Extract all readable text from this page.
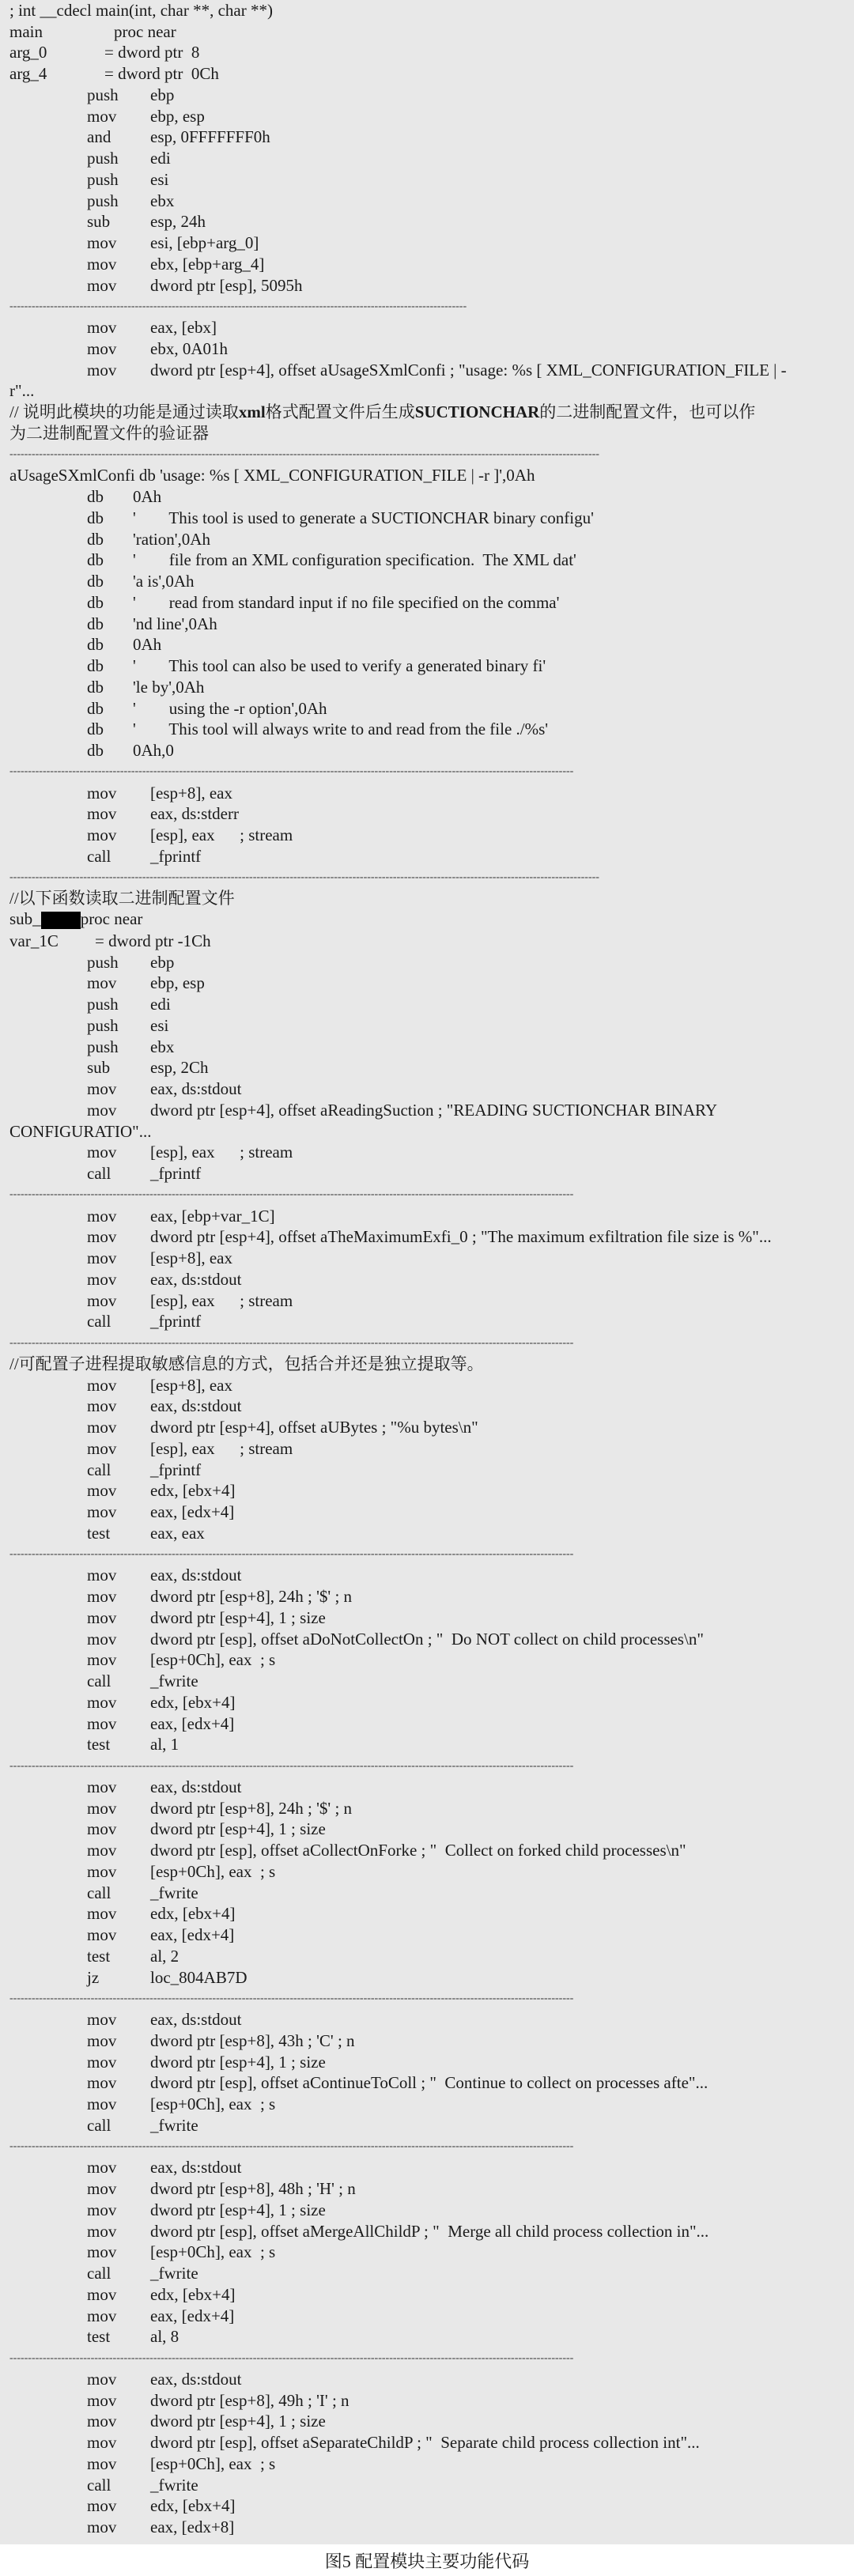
; int __cdecl main(int, char **, char **)
main	proc near
arg_0	= dword ptr  8
arg_4	= dword ptr  0Ch
push	ebp
mov	ebp, esp
and	esp, 0FFFFFFF0h
push	edi
push	esi
push	ebx
sub	esp, 24h
mov	esi, [ebp+arg_0]
mov	ebx, [ebp+arg_4]
mov	dword ptr [esp], 5095h
----------------------------------------------------------------------------------------------------------------------------
mov	eax, [ebx]
mov	ebx, 0A01h
mov	dword ptr [esp+4], offset aUsageSXmlConfi ; "usage: %s [ XML_CONFIGURATION_FILE | -
r"...
// 说明此模块的功能是通过读取xml格式配置文件后生成SUCTIONCHAR的二进制配置文件，也可以作
为二进制配置文件的验证器
----------------------------------------------------------------------------------------------------------------------------------------------------------------
aUsageSXmlConfi db 'usage: %s [ XML_CONFIGURATION_FILE | -r ]',0Ah
db 0Ah
db '        This tool is used to generate a SUCTIONCHAR binary configu'
db 'ration',0Ah
db '        file from an XML configuration specification.  The XML dat'
db 'a is',0Ah
db '        read from standard input if no file specified on the comma'
db 'nd line',0Ah
db 0Ah
db '        This tool can also be used to verify a generated binary fi'
db 'le by',0Ah
db '        using the -r option',0Ah
db '        This tool will always write to and read from the file ./%s'
db 0Ah,0
---------------------------------------------------------------------------------------------------------------------------------------------------------
mov	[esp+8], eax
mov	eax, ds:stderr
mov	[esp], eax      ; stream
call	_fprintf
----------------------------------------------------------------------------------------------------------------------------------------------------------------
//以下函数读取二进制配置文件
sub_ proc near
var_1C	= dword ptr -1Ch
push	ebp
mov	ebp, esp
push	edi
push	esi
push	ebx
sub	esp, 2Ch
mov	eax, ds:stdout
mov	dword ptr [esp+4], offset aReadingSuction ; "READING SUCTIONCHAR BINARY
CONFIGURATIO"...
mov	[esp], eax      ; stream
call	_fprintf
---------------------------------------------------------------------------------------------------------------------------------------------------------
mov	eax, [ebp+var_1C]
mov	dword ptr [esp+4], offset aTheMaximumExfi_0 ; "The maximum exfiltration file size is %"...
mov	[esp+8], eax
mov	eax, ds:stdout
mov	[esp], eax      ; stream
call	_fprintf
---------------------------------------------------------------------------------------------------------------------------------------------------------
//可配置子进程提取敏感信息的方式，包括合并还是独立提取等。
mov	[esp+8], eax
mov	eax, ds:stdout
mov	dword ptr [esp+4], offset aUBytes ; "%u bytes\n"
mov	[esp], eax      ; stream
call	_fprintf
mov	edx, [ebx+4]
mov	eax, [edx+4]
test	eax, eax
---------------------------------------------------------------------------------------------------------------------------------------------------------
mov	eax, ds:stdout
mov	dword ptr [esp+8], 24h ; '$' ; n
mov	dword ptr [esp+4], 1 ; size
mov	dword ptr [esp], offset aDoNotCollectOn ; "  Do NOT collect on child processes\n"
mov	[esp+0Ch], eax  ; s
call	_fwrite
mov	edx, [ebx+4]
mov	eax, [edx+4]
test	al, 1
---------------------------------------------------------------------------------------------------------------------------------------------------------
mov	eax, ds:stdout
mov	dword ptr [esp+8], 24h ; '$' ; n
mov	dword ptr [esp+4], 1 ; size
mov	dword ptr [esp], offset aCollectOnForke ; "  Collect on forked child processes\n"
mov	[esp+0Ch], eax  ; s
call	_fwrite
mov	edx, [ebx+4]
mov	eax, [edx+4]
test	al, 2
jz	loc_804AB7D
---------------------------------------------------------------------------------------------------------------------------------------------------------
mov	eax, ds:stdout
mov	dword ptr [esp+8], 43h ; 'C' ; n
mov	dword ptr [esp+4], 1 ; size
mov	dword ptr [esp], offset aContinueToColl ; "  Continue to collect on processes afte"...
mov	[esp+0Ch], eax  ; s
call	_fwrite
---------------------------------------------------------------------------------------------------------------------------------------------------------
mov	eax, ds:stdout
mov	dword ptr [esp+8], 48h ; 'H' ; n
mov	dword ptr [esp+4], 1 ; size
mov	dword ptr [esp], offset aMergeAllChildP ; "  Merge all child process collection in"...
mov	[esp+0Ch], eax  ; s
call	_fwrite
mov	edx, [ebx+4]
mov	eax, [edx+4]
test	al, 8
---------------------------------------------------------------------------------------------------------------------------------------------------------
mov	eax, ds:stdout
mov	dword ptr [esp+8], 49h ; 'I' ; n
mov	dword ptr [esp+4], 1 ; size
mov	dword ptr [esp], offset aSeparateChildP ; "  Separate child process collection int"...
mov	[esp+0Ch], eax  ; s
call	_fwrite
mov	edx, [ebx+4]
mov	eax, [edx+8]
图5 配置模块主要功能代码
